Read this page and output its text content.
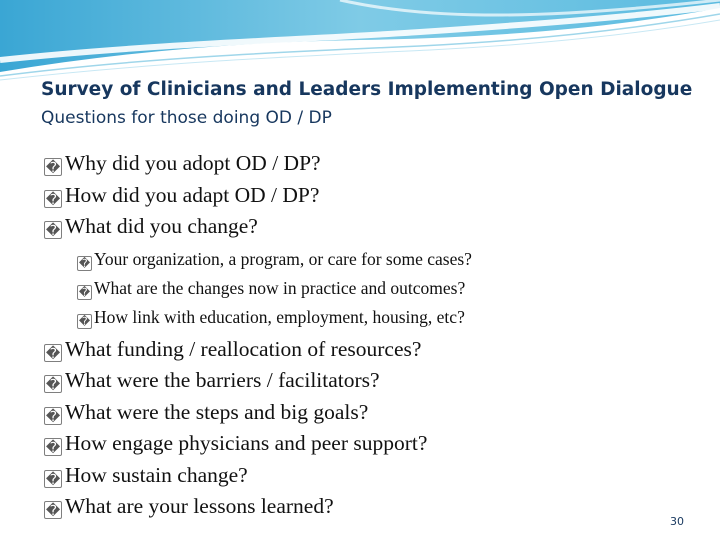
Survey of Clinicians and Leaders Implementing Open Dialogue
Questions for those doing OD / DP
� Why did you adopt OD / DP?
� How did you adapt OD / DP?
� What did you change?
� Your organization, a program, or care for some cases?
� What are the changes now in practice and outcomes?
� How link with education, employment, housing, etc?
� What funding / reallocation of resources?
� What were the barriers / facilitators?
� What were the steps and big goals?
� How engage physicians and peer support?
� How sustain change?
� What are your lessons learned?
30
